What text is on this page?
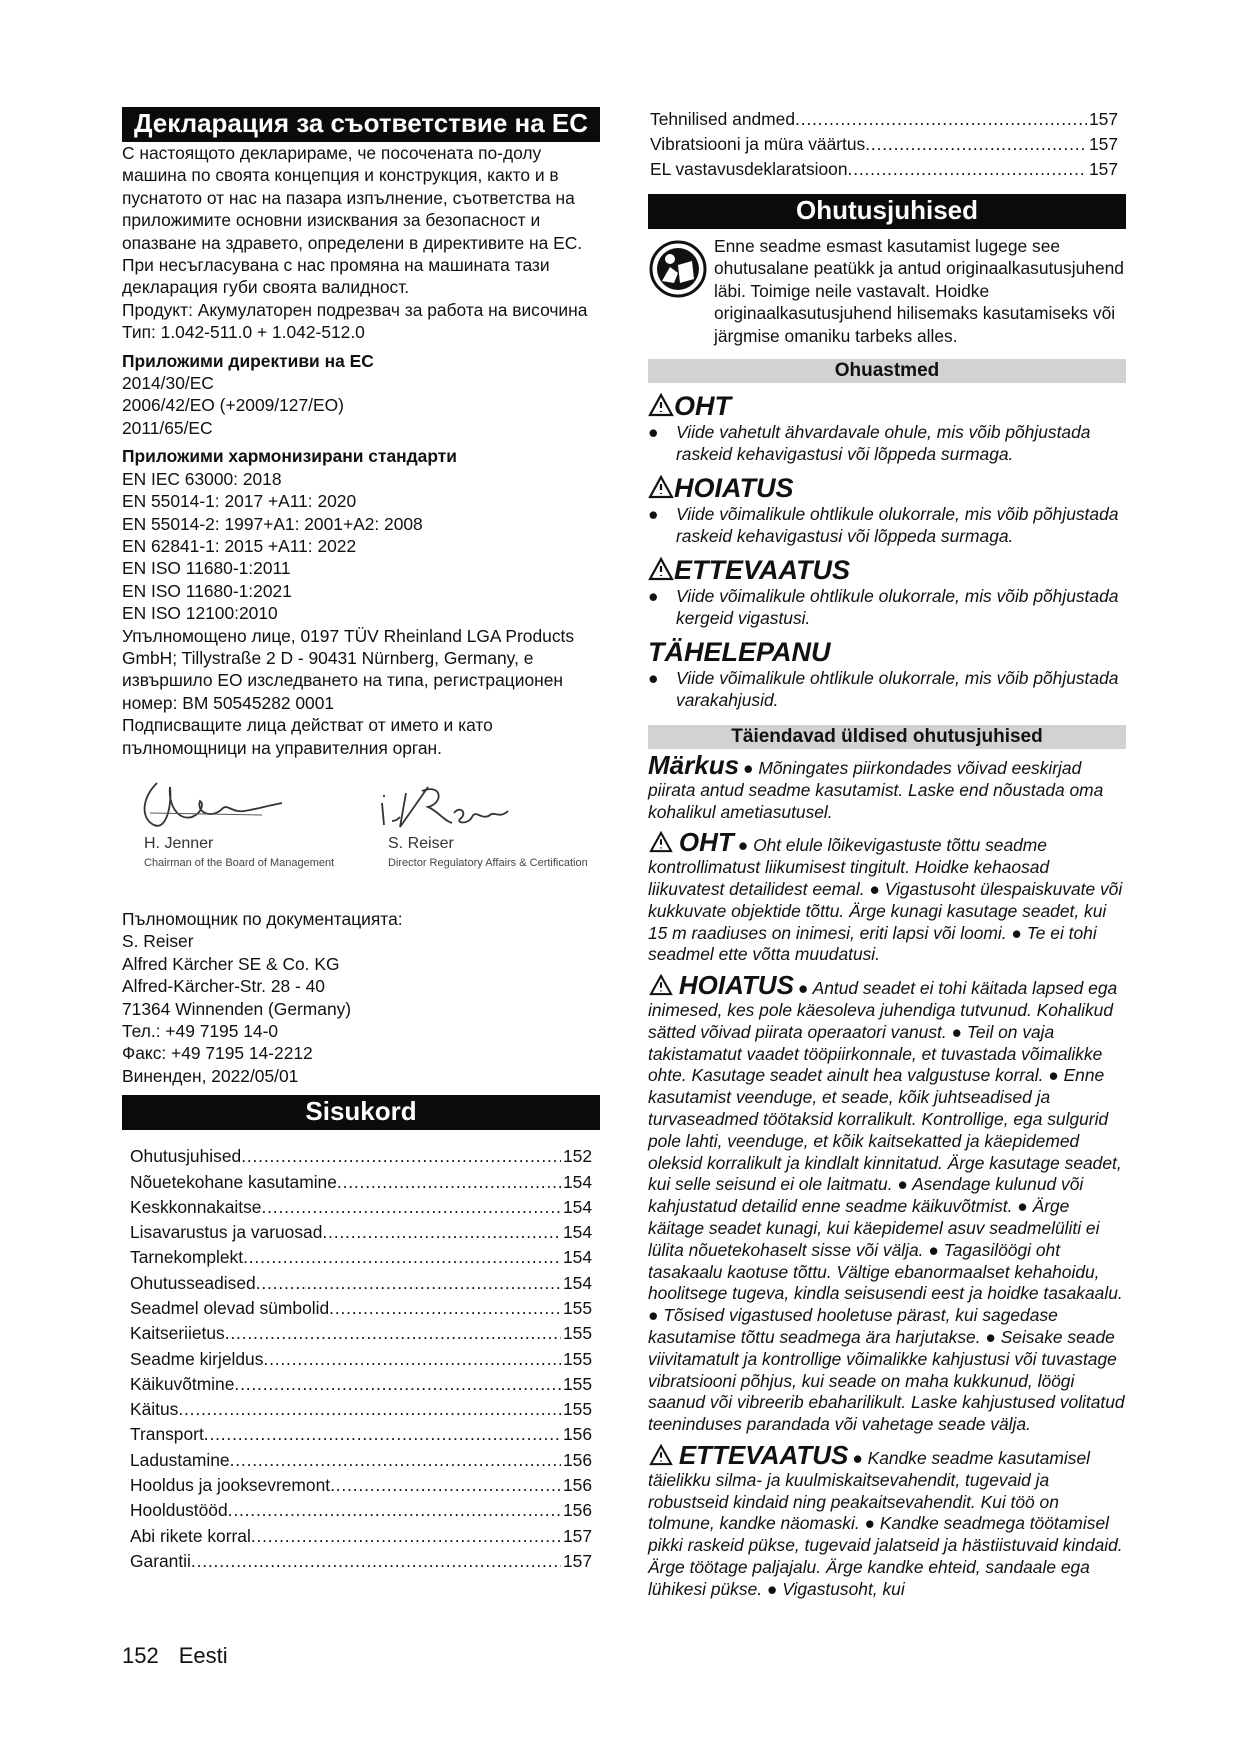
Декларация за съответствие на ЕС

С настоящото декларираме, че посочената по-долу машина по своята концепция и конструкция, както и в пуснатото от нас на пазара изпълнение, съответства на приложимите основни изисквания за безопасност и опазване на здравето, определени в директивите на ЕС. При несъгласувана с нас промяна на машината тази декларация губи своята валидност.

Продукт: Акумулаторен подрезвач за работа на височина

Тип: 1.042-511.0 + 1.042-512.0

Приложими директиви на ЕС

2014/30/ЕС

2006/42/EO (+2009/127/EO)

2011/65/ЕС

Приложими хармонизирани стандарти

EN IEC 63000: 2018

EN 55014-1: 2017 +A11: 2020

EN 55014-2: 1997+A1: 2001+A2: 2008

EN 62841-1: 2015 +A11: 2022

EN ISO 11680-1:2011

EN ISO 11680-1:2021

EN ISO 12100:2010

Упълномощено лице, 0197 TÜV Rheinland LGA Products GmbH; Tillystraße 2 D - 90431 Nürnberg, Germany, е извършило ЕО изследването на типа, регистрационен номер: BM 50545282 0001

Подписващите лица действат от името и като пълномощници на управителния орган.

H. Jenner
Chairman of the Board of Management
S. Reiser
Director Regulatory Affairs & Certification

Пълномощник по документацията:

S. Reiser

Alfred Kärcher SE & Co. KG

Alfred-Kärcher-Str. 28 - 40

71364 Winnenden (Germany)

Тел.: +49 7195 14-0

Факс: +49 7195 14-2212

Виненден, 2022/05/01

Sisukord
Ohutusjuhised . . .	152
Nõuetekohane kasutamine . . .	154
Keskkonnakaitse . . .	154
Lisavarustus ja varuosad . . .	154
Tarnekomplekt . . .	154
Ohutusseadised . . .	154
Seadmel olevad sümbolid . . .	155
Kaitseriietus . . .	155
Seadme kirjeldus . . .	155
Käikuvõtmine . . .	155
Käitus . . .	155
Transport . . .	156
Ladustamine . . .	156
Hooldus ja jooksevremont . . .	156
Hooldustööd . . .	156
Abi rikete korral . . .	157
Garantii . . .	157
Tehnilised andmed . . .	157
Vibratsiooni ja müra väärtus . . .	157
EL vastavusdeklaratsioon . . .	157
Ohutusjuhised

Enne seadme esmast kasutamist lugege see ohutusalane peatükk ja antud originaalkasutusjuhend läbi. Toimige neile vastavalt. Hoidke originaalkasutusjuhend hilisemaks kasutamiseks või järgmise omaniku tarbeks alles.

Ohuastmed
OHT
●	Viide vahetult ähvardavale ohule, mis võib põhjustada raskeid kehavigastusi või lõppeda surmaga.
HOIATUS
●	Viide võimalikule ohtlikule olukorrale, mis võib põhjustada raskeid kehavigastusi või lõppeda surmaga.
ETTEVAATUS
●	Viide võimalikule ohtlikule olukorrale, mis võib põhjustada kergeid vigastusi.
TÄHELEPANU
●	Viide võimalikule ohtlikule olukorrale, mis võib põhjustada varakahjusid.
Täiendavad üldised ohutusjuhised

Märkus ● Mõningates piirkondades võivad eeskirjad piirata antud seadme kasutamist. Laske end nõustada oma kohalikul ametiasutusel.

OHT ● Oht elule lõikevigastuste tõttu seadme kontrollimatust liikumisest tingitult. Hoidke kehaosad liikuvatest detailidest eemal. ● Vigastusoht ülespaiskuvate või kukkuvate objektide tõttu. Ärge kunagi kasutage seadet, kui 15 m raadiuses on inimesi, eriti lapsi või loomi. ● Te ei tohi seadmel ette võtta muudatusi.

HOIATUS ● Antud seadet ei tohi käitada lapsed ega inimesed, kes pole käesoleva juhendiga tutvunud. Kohalikud sätted võivad piirata operaatori vanust. ● Teil on vaja takistamatut vaadet tööpiirkonnale, et tuvastada võimalikke ohte. Kasutage seadet ainult hea valgustuse korral. ● Enne kasutamist veenduge, et seade, kõik juhtseadised ja turvaseadmed töötaksid korralikult. Kontrollige, ega sulgurid pole lahti, veenduge, et kõik kaitsekatted ja käepidemed oleksid korralikult ja kindlalt kinnitatud. Ärge kasutage seadet, kui selle seisund ei ole laitmatu. ● Asendage kulunud või kahjustatud detailid enne seadme käikuvõtmist. ● Ärge käitage seadet kunagi, kui käepidemel asuv seadmelüliti ei lülita nõuetekohaselt sisse või välja. ● Tagasilöögi oht tasakaalu kaotuse tõttu. Vältige ebanormaalset kehahoidu, hoolitsege tugeva, kindla seisusendi eest ja hoidke tasakaalu. ● Tõsised vigastused hooletuse pärast, kui sagedase kasutamise tõttu seadmega ära harjutakse. ● Seisake seade viivitamatult ja kontrollige võimalikke kahjustusi või tuvastage vibratsiooni põhjus, kui seade on maha kukkunud, löögi saanud või vibreerib ebaharilikult. Laske kahjustused volitatud teeninduses parandada või vahetage seade välja.

ETTEVAATUS ● Kandke seadme kasutamisel täielikku silma- ja kuulmiskaitsevahendit, tugevaid ja robustseid kindaid ning peakaitsevahendit. Kui töö on tolmune, kandke näomaski. ● Kandke seadmega töötamisel pikki raskeid pükse, tugevaid jalatseid ja hästiistuvaid kindaid. Ärge töötage paljajalu. Ärge kandke ehteid, sandaale ega lühikesi pükse. ● Vigastusoht, kui

152 Eesti
